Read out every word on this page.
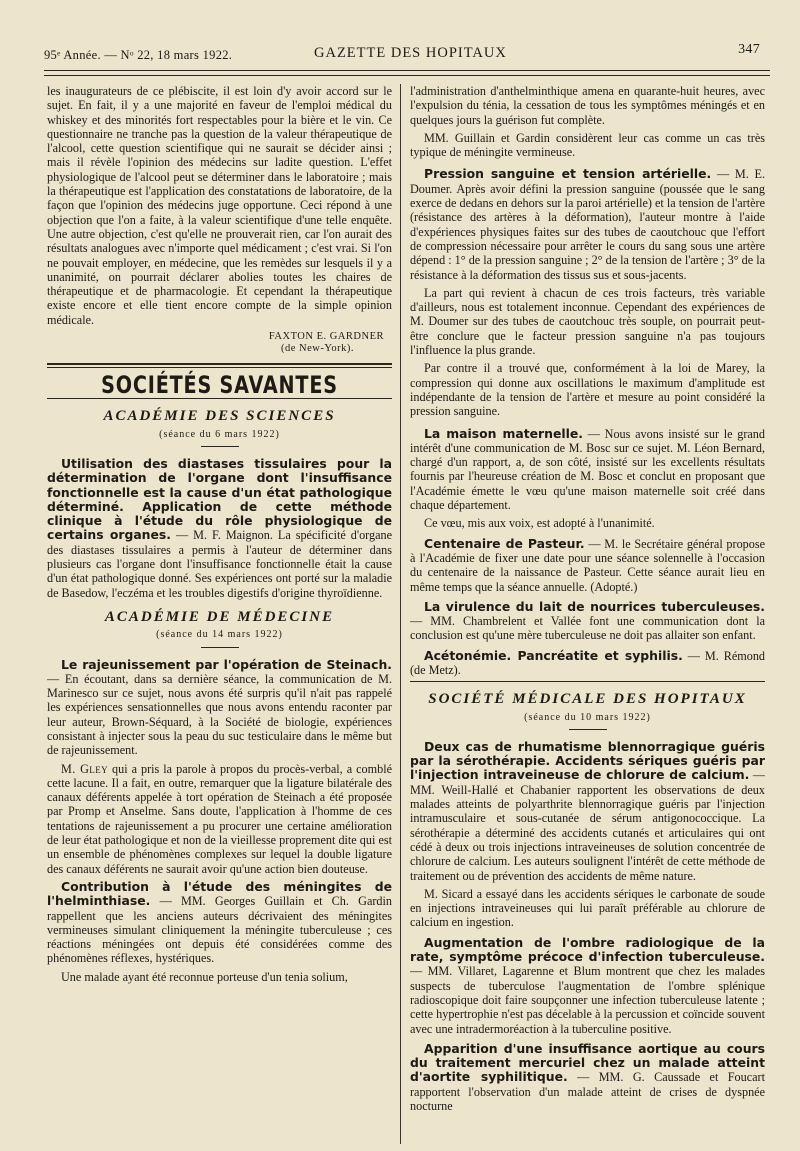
95ᵉ Année. — Nᵒ 22, 18 mars 1922.	GAZETTE DES HOPITAUX	347

les inaugurateurs de ce plébiscite, il est loin d'y avoir accord sur le sujet. En fait, il y a une majorité en faveur de l'emploi médical du whiskey et des minorités fort respectables pour la bière et le vin. Ce questionnaire ne tranche pas la question de la valeur thérapeutique de l'alcool, cette question scientifique qui ne saurait se décider ainsi ; mais il révèle l'opinion des médecins sur ladite question. L'effet physiologique de l'alcool peut se déterminer dans le laboratoire ; mais la thérapeutique est l'application des constatations de laboratoire, de la façon que l'opinion des médecins juge opportune. Ceci répond à une objection que l'on a faite, à la valeur scientifique d'une telle enquête. Une autre objection, c'est qu'elle ne prouverait rien, car l'on aurait des résultats analogues avec n'importe quel médicament ; c'est vrai. Si l'on ne pouvait employer, en médecine, que les remèdes sur lesquels il y a unanimité, on pourrait déclarer abolies toutes les chaires de thérapeutique et de pharmacologie. Et cependant la thérapeutique existe encore et elle tient encore compte de la simple opinion médicale.

FAXTON E. GARDNER
(de New-York).
SOCIÉTÉS SAVANTES
ACADÉMIE DES SCIENCES
(séance du 6 mars 1922)

Utilisation des diastases tissulaires pour la détermination de l'organe dont l'insuffisance fonctionnelle est la cause d'un état pathologique déterminé. Application de cette méthode clinique à l'étude du rôle physiologique de certains organes. — M. F. Maignon. La spécificité d'organe des diastases tissulaires a permis à l'auteur de déterminer dans plusieurs cas l'organe dont l'insuffisance fonctionnelle était la cause d'un état pathologique donné. Ses expériences ont porté sur la maladie de Basedow, l'eczéma et les troubles digestifs d'origine thyroïdienne.

ACADÉMIE DE MÉDECINE
(séance du 14 mars 1922)

Le rajeunissement par l'opération de Steinach. — En écoutant, dans sa dernière séance, la communication de M. Marinesco sur ce sujet, nous avons été surpris qu'il n'ait pas rappelé les expériences sensationnelles que nous avons entendu raconter par leur auteur, Brown-Séquard, à la Société de biologie, expériences consistant à injecter sous la peau du suc testiculaire dans le même but de rajeunissement.

M. Gley qui a pris la parole à propos du procès-verbal, a comblé cette lacune. Il a fait, en outre, remarquer que la ligature bilatérale des canaux déférents appelée à tort opération de Steinach a été proposée par Promp et Anselme. Sans doute, l'application à l'homme de ces tentations de rajeunissement a pu procurer une certaine amélioration de leur état pathologique et non de la vieillesse proprement dite qui est un ensemble de phénomènes complexes sur lequel la double ligature des canaux déférents ne saurait avoir qu'une action bien douteuse.

Contribution à l'étude des méningites de l'helminthiase. — MM. Georges Guillain et Ch. Gardin rappellent que les anciens auteurs décrivaient des méningites vermineuses simulant cliniquement la méningite tuberculeuse ; ces réactions méningées ont depuis été considérées comme des phénomènes réflexes, hystériques.

Une malade ayant été reconnue porteuse d'un tenia solium,

l'administration d'anthelminthique amena en quarante-huit heures, avec l'expulsion du ténia, la cessation de tous les symptômes méningés et en quelques jours la guérison fut complète.

MM. Guillain et Gardin considèrent leur cas comme un cas très typique de méningite vermineuse.

Pression sanguine et tension artérielle. — M. E. Doumer. Après avoir défini la pression sanguine (poussée que le sang exerce de dedans en dehors sur la paroi artérielle) et la tension de l'artère (résistance des artères à la déformation), l'auteur montre à l'aide d'expériences physiques faites sur des tubes de caoutchouc que l'effort de compression nécessaire pour arrêter le cours du sang sous une artère dépend : 1° de la pression sanguine ; 2° de la tension de l'artère ; 3° de la résistance à la déformation des tissus sus et sous-jacents.

La part qui revient à chacun de ces trois facteurs, très variable d'ailleurs, nous est totalement inconnue. Cependant des expériences de M. Doumer sur des tubes de caoutchouc très souple, on pourrait peut-être conclure que le facteur pression sanguine n'a pas toujours l'influence la plus grande.

Par contre il a trouvé que, conformément à la loi de Marey, la compression qui donne aux oscillations le maximum d'amplitude est indépendante de la tension de l'artère et mesure au point considéré la pression sanguine.

La maison maternelle. — Nous avons insisté sur le grand intérêt d'une communication de M. Bosc sur ce sujet. M. Léon Bernard, chargé d'un rapport, a, de son côté, insisté sur les excellents résultats fournis par l'heureuse création de M. Bosc et conclut en proposant que l'Académie émette le vœu qu'une maison maternelle soit créé dans chaque département.

Ce vœu, mis aux voix, est adopté à l'unanimité.

Centenaire de Pasteur. — M. le Secrétaire général propose à l'Académie de fixer une date pour une séance solennelle à l'occasion du centenaire de la naissance de Pasteur. Cette séance aurait lieu en même temps que la séance annuelle. (Adopté.)

La virulence du lait de nourrices tuberculeuses. — MM. Chambrelent et Vallée font une communication dont la conclusion est qu'une mère tuberculeuse ne doit pas allaiter son enfant.

Acétonémie. Pancréatite et syphilis. — M. Rémond (de Metz).

SOCIÉTÉ MÉDICALE DES HOPITAUX
(séance du 10 mars 1922)

Deux cas de rhumatisme blennorragique guéris par la sérothérapie. Accidents sériques guéris par l'injection intraveineuse de chlorure de calcium. — MM. Weill-Hallé et Chabanier rapportent les observations de deux malades atteints de polyarthrite blennorragique guéris par l'injection intramusculaire et sous-cutanée de sérum antigonococcique. La sérothérapie a déterminé des accidents cutanés et articulaires qui ont cédé à deux ou trois injections intraveineuses de solution concentrée de chlorure de calcium. Les auteurs soulignent l'intérêt de cette méthode de traitement ou de prévention des accidents de même nature.

M. Sicard a essayé dans les accidents sériques le carbonate de soude en injections intraveineuses qui lui paraît préférable au chlorure de calcium en ingestion.

Augmentation de l'ombre radiologique de la rate, symptôme précoce d'infection tuberculeuse. — MM. Villaret, Lagarenne et Blum montrent que chez les malades suspects de tuberculose l'augmentation de l'ombre splénique radioscopique doit faire soupçonner une infection tuberculeuse latente ; cette hypertrophie n'est pas décelable à la percussion et coïncide souvent avec une intradermoréaction à la tuberculine positive.

Apparition d'une insuffisance aortique au cours du traitement mercuriel chez un malade atteint d'aortite syphilitique. — MM. G. Caussade et Foucart rapportent l'observation d'un malade atteint de crises de dyspnée nocturne
